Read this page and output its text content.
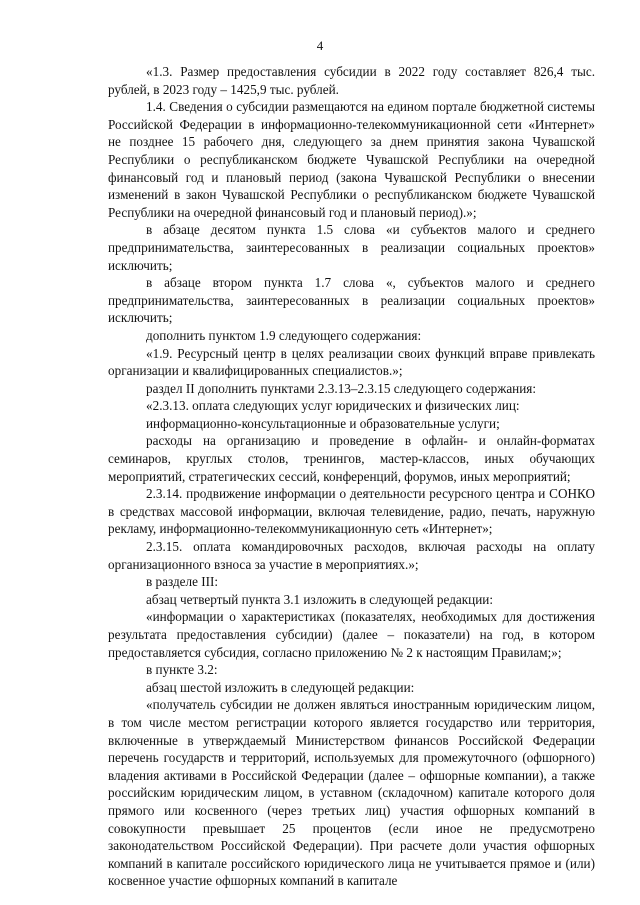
4

«1.3. Размер предоставления субсидии в 2022 году составляет 826,4 тыс. рублей, в 2023 году – 1425,9 тыс. рублей.

1.4. Сведения о субсидии размещаются на едином портале бюджетной системы Российской Федерации в информационно-телекоммуникационной сети «Интернет» не позднее 15 рабочего дня, следующего за днем принятия закона Чувашской Республики о республиканском бюджете Чувашской Республики на очередной финансовый год и плановый период (закона Чувашской Республики о внесении изменений в закон Чувашской Республики о республиканском бюджете Чувашской Республики на очередной финансовый год и плановый период).»;

в абзаце десятом пункта 1.5 слова «и субъектов малого и среднего предпринимательства, заинтересованных в реализации социальных проектов» исключить;

в абзаце втором пункта 1.7 слова «, субъектов малого и среднего предпринимательства, заинтересованных в реализации социальных проектов» исключить;

дополнить пунктом 1.9 следующего содержания:

«1.9. Ресурсный центр в целях реализации своих функций вправе привлекать организации и квалифицированных специалистов.»;

раздел II дополнить пунктами 2.3.13–2.3.15 следующего содержания:

«2.3.13. оплата следующих услуг юридических и физических лиц:

информационно-консультационные и образовательные услуги;

расходы на организацию и проведение в офлайн- и онлайн-форматах семинаров, круглых столов, тренингов, мастер-классов, иных обучающих мероприятий, стратегических сессий, конференций, форумов, иных мероприятий;

2.3.14. продвижение информации о деятельности ресурсного центра и СОНКО в средствах массовой информации, включая телевидение, радио, печать, наружную рекламу, информационно-телекоммуникационную сеть «Интернет»;

2.3.15. оплата командировочных расходов, включая расходы на оплату организационного взноса за участие в мероприятиях.»;

в разделе III:

абзац четвертый пункта 3.1 изложить в следующей редакции:

«информации о характеристиках (показателях, необходимых для достижения результата предоставления субсидии) (далее – показатели) на год, в котором предоставляется субсидия, согласно приложению № 2 к настоящим Правилам;»;

в пункте 3.2:

абзац шестой изложить в следующей редакции:

«получатель субсидии не должен являться иностранным юридическим лицом, в том числе местом регистрации которого является государство или территория, включенные в утверждаемый Министерством финансов Российской Федерации перечень государств и территорий, используемых для промежуточного (офшорного) владения активами в Российской Федерации (далее – офшорные компании), а также российским юридическим лицом, в уставном (складочном) капитале которого доля прямого или косвенного (через третьих лиц) участия офшорных компаний в совокупности превышает 25 процентов (если иное не предусмотрено законодательством Российской Федерации). При расчете доли участия офшорных компаний в капитале российского юридического лица не учитывается прямое и (или) косвенное участие офшорных компаний в капитале
